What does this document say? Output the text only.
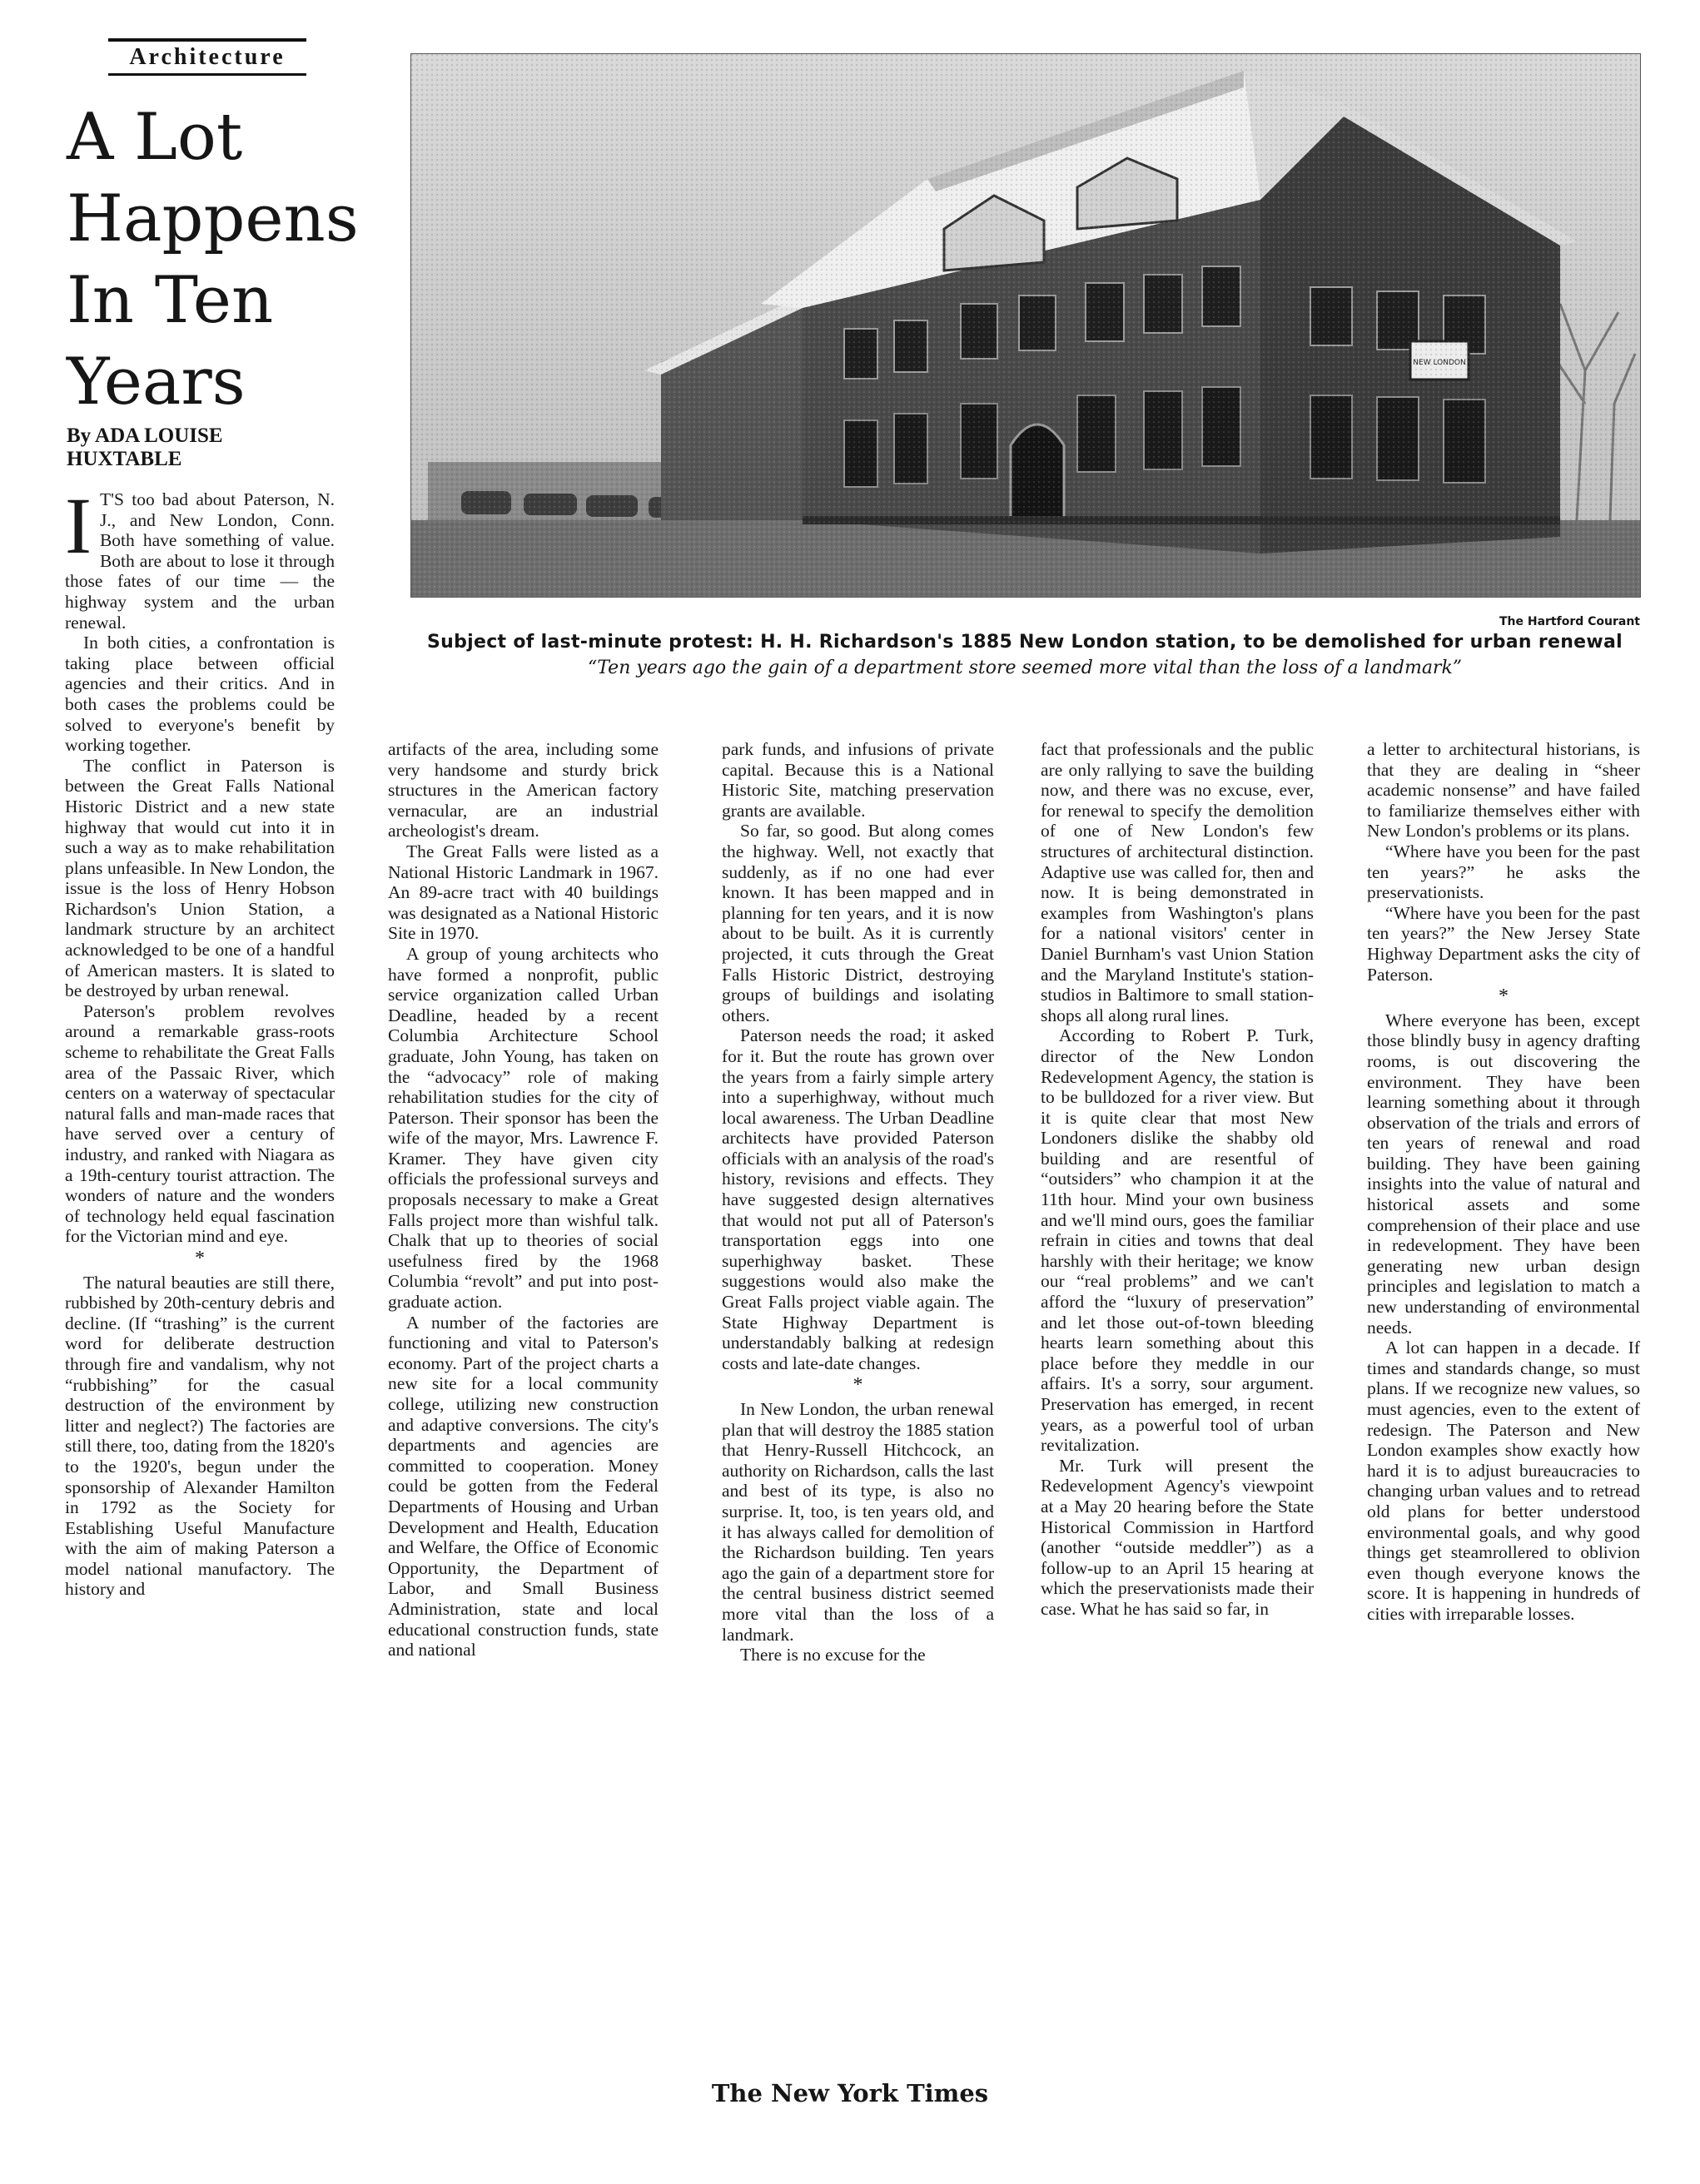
Architecture
A Lot
Happens
In Ten
Years
By ADA LOUISE HUXTABLE
The Hartford Courant
Subject of last-minute protest: H. H. Richardson's 1885 New London station, to be demolished for urban renewal
“Ten years ago the gain of a department store seemed more vital than the loss of a landmark”

I T'S too bad about Paterson, N. J., and New London, Conn. Both have something of value. Both are about to lose it through those fates of our time — the highway system and the urban renewal.

In both cities, a confrontation is taking place between official agencies and their critics. And in both cases the problems could be solved to everyone's benefit by working together.

The conflict in Paterson is between the Great Falls National Historic District and a new state highway that would cut into it in such a way as to make rehabilitation plans unfeasible. In New London, the issue is the loss of Henry Hobson Richardson's Union Station, a landmark structure by an architect acknowledged to be one of a handful of American masters. It is slated to be destroyed by urban renewal.

Paterson's problem revolves around a remarkable grass-roots scheme to rehabilitate the Great Falls area of the Passaic River, which centers on a waterway of spectacular natural falls and man-made races that have served over a century of industry, and ranked with Niagara as a 19th-century tourist attraction. The wonders of nature and the wonders of technology held equal fascination for the Victorian mind and eye.

*

The natural beauties are still there, rubbished by 20th-century debris and decline. (If “trashing” is the current word for deliberate destruction through fire and vandalism, why not “rubbishing” for the casual destruction of the environment by litter and neglect?) The factories are still there, too, dating from the 1820's to the 1920's, begun under the sponsorship of Alexander Hamilton in 1792 as the Society for Establishing Useful Manufacture with the aim of making Paterson a model national manufactory. The history and

artifacts of the area, including some very handsome and sturdy brick structures in the American factory vernacular, are an industrial archeologist's dream.

The Great Falls were listed as a National Historic Landmark in 1967. An 89-acre tract with 40 buildings was designated as a National Historic Site in 1970.

A group of young architects who have formed a nonprofit, public service organization called Urban Deadline, headed by a recent Columbia Architecture School graduate, John Young, has taken on the “advocacy” role of making rehabilitation studies for the city of Paterson. Their sponsor has been the wife of the mayor, Mrs. Lawrence F. Kramer. They have given city officials the professional surveys and proposals necessary to make a Great Falls project more than wishful talk. Chalk that up to theories of social usefulness fired by the 1968 Columbia “revolt” and put into post-graduate action.

A number of the factories are functioning and vital to Paterson's economy. Part of the project charts a new site for a local community college, utilizing new construction and adaptive conversions. The city's departments and agencies are committed to cooperation. Money could be gotten from the Federal Departments of Housing and Urban Development and Health, Education and Welfare, the Office of Economic Opportunity, the Department of Labor, and Small Business Administration, state and local educational construction funds, state and national

park funds, and infusions of private capital. Because this is a National Historic Site, matching preservation grants are available.

So far, so good. But along comes the highway. Well, not exactly that suddenly, as if no one had ever known. It has been mapped and in planning for ten years, and it is now about to be built. As it is currently projected, it cuts through the Great Falls Historic District, destroying groups of buildings and isolating others.

Paterson needs the road; it asked for it. But the route has grown over the years from a fairly simple artery into a superhighway, without much local awareness. The Urban Deadline architects have provided Paterson officials with an analysis of the road's history, revisions and effects. They have suggested design alternatives that would not put all of Paterson's transportation eggs into one superhighway basket. These suggestions would also make the Great Falls project viable again. The State Highway Department is understandably balking at redesign costs and late-date changes.

*

In New London, the urban renewal plan that will destroy the 1885 station that Henry-Russell Hitchcock, an authority on Richardson, calls the last and best of its type, is also no surprise. It, too, is ten years old, and it has always called for demolition of the Richardson building. Ten years ago the gain of a department store for the central business district seemed more vital than the loss of a landmark.

There is no excuse for the

fact that professionals and the public are only rallying to save the building now, and there was no excuse, ever, for renewal to specify the demolition of one of New London's few structures of architectural distinction. Adaptive use was called for, then and now. It is being demonstrated in examples from Washington's plans for a national visitors' center in Daniel Burnham's vast Union Station and the Maryland Institute's station-studios in Baltimore to small station-shops all along rural lines.

According to Robert P. Turk, director of the New London Redevelopment Agency, the station is to be bulldozed for a river view. But it is quite clear that most New Londoners dislike the shabby old building and are resentful of “outsiders” who champion it at the 11th hour. Mind your own business and we'll mind ours, goes the familiar refrain in cities and towns that deal harshly with their heritage; we know our “real problems” and we can't afford the “luxury of preservation” and let those out-of-town bleeding hearts learn something about this place before they meddle in our affairs. It's a sorry, sour argument. Preservation has emerged, in recent years, as a powerful tool of urban revitalization.

Mr. Turk will present the Redevelopment Agency's viewpoint at a May 20 hearing before the State Historical Commission in Hartford (another “outside meddler”) as a follow-up to an April 15 hearing at which the preservationists made their case. What he has said so far, in

a letter to architectural historians, is that they are dealing in “sheer academic nonsense” and have failed to familiarize themselves either with New London's problems or its plans.

“Where have you been for the past ten years?” he asks the preservationists.

“Where have you been for the past ten years?” the New Jersey State Highway Department asks the city of Paterson.

*

Where everyone has been, except those blindly busy in agency drafting rooms, is out discovering the environment. They have been learning something about it through observation of the trials and errors of ten years of renewal and road building. They have been gaining insights into the value of natural and historical assets and some comprehension of their place and use in redevelopment. They have been generating new urban design principles and legislation to match a new understanding of environmental needs.

A lot can happen in a decade. If times and standards change, so must plans. If we recognize new values, so must agencies, even to the extent of redesign. The Paterson and New London examples show exactly how hard it is to adjust bureaucracies to changing urban values and to retread old plans for better understood environmental goals, and why good things get steamrollered to oblivion even though everyone knows the score. It is happening in hundreds of cities with irreparable losses.

The New York Times
